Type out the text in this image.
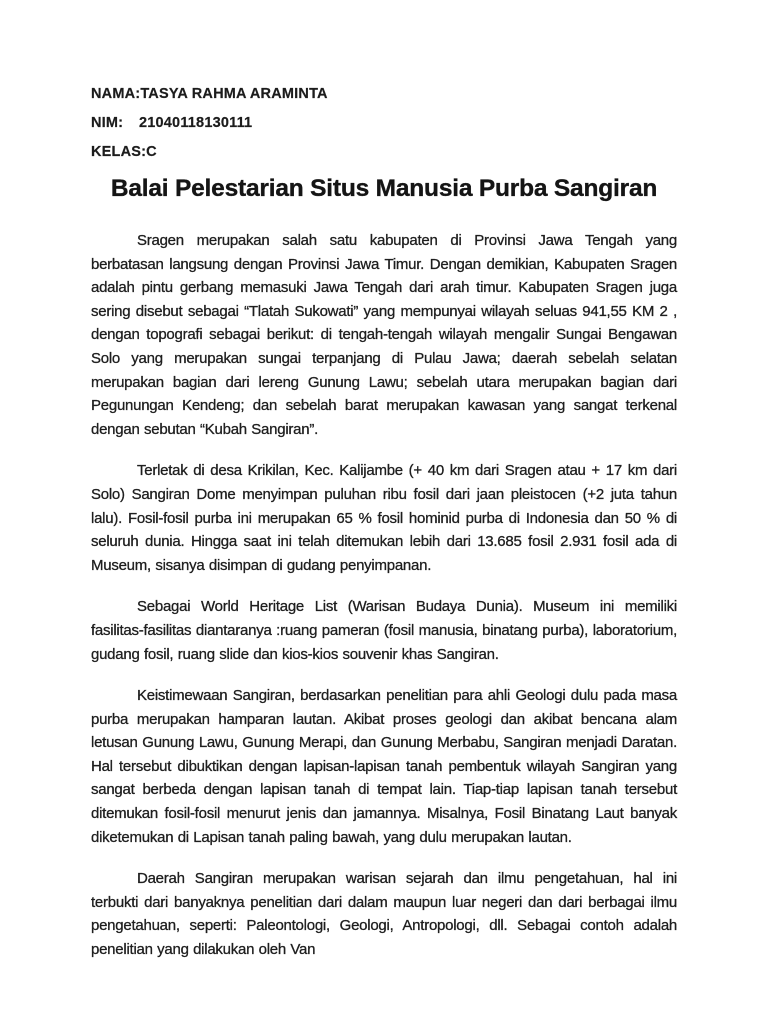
NAMA: TASYA RAHMA ARAMINTA
NIM:	21040118130111
KELAS: C
Balai Pelestarian Situs Manusia Purba Sangiran

Sragen merupakan salah satu kabupaten di Provinsi Jawa Tengah yang berbatasan langsung dengan Provinsi Jawa Timur. Dengan demikian, Kabupaten Sragen adalah pintu gerbang memasuki Jawa Tengah dari arah timur. Kabupaten Sragen juga sering disebut sebagai “Tlatah Sukowati” yang mempunyai wilayah seluas 941,55 KM 2 , dengan topografi sebagai berikut: di tengah-tengah wilayah mengalir Sungai Bengawan Solo yang merupakan sungai terpanjang di Pulau Jawa; daerah sebelah selatan merupakan bagian dari lereng Gunung Lawu; sebelah utara merupakan bagian dari Pegunungan Kendeng; dan sebelah barat merupakan kawasan yang sangat terkenal dengan sebutan “Kubah Sangiran”.

Terletak di desa Krikilan, Kec. Kalijambe (+ 40 km dari Sragen atau + 17 km dari Solo) Sangiran Dome menyimpan puluhan ribu fosil dari jaan pleistocen (+2 juta tahun lalu). Fosil-fosil purba ini merupakan 65 % fosil hominid purba di Indonesia dan 50 % di seluruh dunia. Hingga saat ini telah ditemukan lebih dari 13.685 fosil 2.931 fosil ada di Museum, sisanya disimpan di gudang penyimpanan.

Sebagai World Heritage List (Warisan Budaya Dunia). Museum ini memiliki fasilitas-fasilitas diantaranya :ruang pameran (fosil manusia, binatang purba), laboratorium, gudang fosil, ruang slide dan kios-kios souvenir khas Sangiran.

Keistimewaan Sangiran, berdasarkan penelitian para ahli Geologi dulu pada masa purba merupakan hamparan lautan. Akibat proses geologi dan akibat bencana alam letusan Gunung Lawu, Gunung Merapi, dan Gunung Merbabu, Sangiran menjadi Daratan. Hal tersebut dibuktikan dengan lapisan-lapisan tanah pembentuk wilayah Sangiran yang sangat berbeda dengan lapisan tanah di tempat lain. Tiap-tiap lapisan tanah tersebut ditemukan fosil-fosil menurut jenis dan jamannya. Misalnya, Fosil Binatang Laut banyak diketemukan di Lapisan tanah paling bawah, yang dulu merupakan lautan.

Daerah Sangiran merupakan warisan sejarah dan ilmu pengetahuan, hal ini terbukti dari banyaknya penelitian dari dalam maupun luar negeri dan dari berbagai ilmu pengetahuan, seperti: Paleontologi, Geologi, Antropologi, dll. Sebagai contoh adalah penelitian yang dilakukan oleh Van
